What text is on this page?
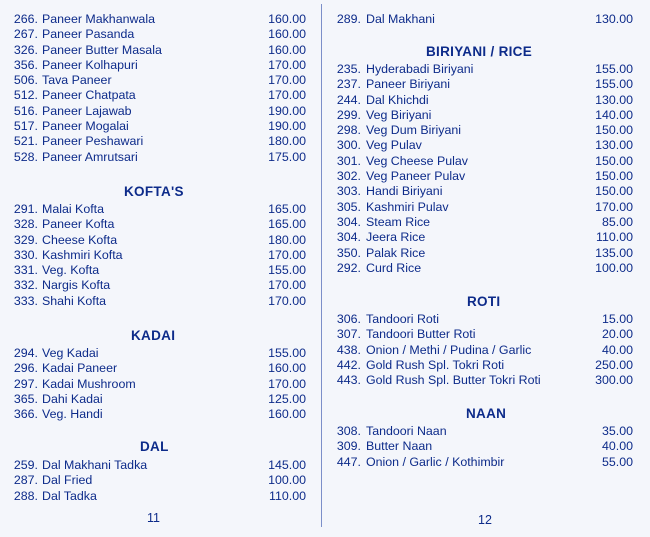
266. Paneer Makhanwala	160.00
267. Paneer Pasanda	160.00
326. Paneer Butter Masala	160.00
356. Paneer Kolhapuri	170.00
506. Tava Paneer	170.00
512. Paneer Chatpata	170.00
516. Paneer Lajawab	190.00
517. Paneer Mogalai	190.00
521. Paneer Peshawari	180.00
528. Paneer Amrutsari	175.00
KOFTA'S
291. Malai Kofta	165.00
328. Paneer Kofta	165.00
329. Cheese Kofta	180.00
330. Kashmiri Kofta	170.00
331. Veg. Kofta	155.00
332. Nargis Kofta	170.00
333. Shahi Kofta	170.00
KADAI
294. Veg Kadai	155.00
296. Kadai Paneer	160.00
297. Kadai Mushroom	170.00
365. Dahi Kadai	125.00
366. Veg. Handi	160.00
DAL
259. Dal Makhani Tadka	145.00
287. Dal Fried	100.00
288. Dal Tadka	110.00
11
289. Dal Makhani	130.00
BIRIYANI / RICE
235. Hyderabadi Biriyani	155.00
237. Paneer Biriyani	155.00
244. Dal Khichdi	130.00
299. Veg Biriyani	140.00
298. Veg Dum Biriyani	150.00
300. Veg Pulav	130.00
301. Veg Cheese Pulav	150.00
302. Veg Paneer Pulav	150.00
303. Handi Biriyani	150.00
305. Kashmiri Pulav	170.00
304. Steam Rice	85.00
304. Jeera Rice	110.00
350. Palak Rice	135.00
292. Curd Rice	100.00
ROTI
306. Tandoori Roti	15.00
307. Tandoori Butter Roti	20.00
438. Onion / Methi / Pudina / Garlic	40.00
442. Gold Rush Spl. Tokri Roti	250.00
443. Gold Rush Spl. Butter Tokri Roti	300.00
NAAN
308. Tandoori Naan	35.00
309. Butter Naan	40.00
447. Onion / Garlic / Kothimbir	55.00
12
